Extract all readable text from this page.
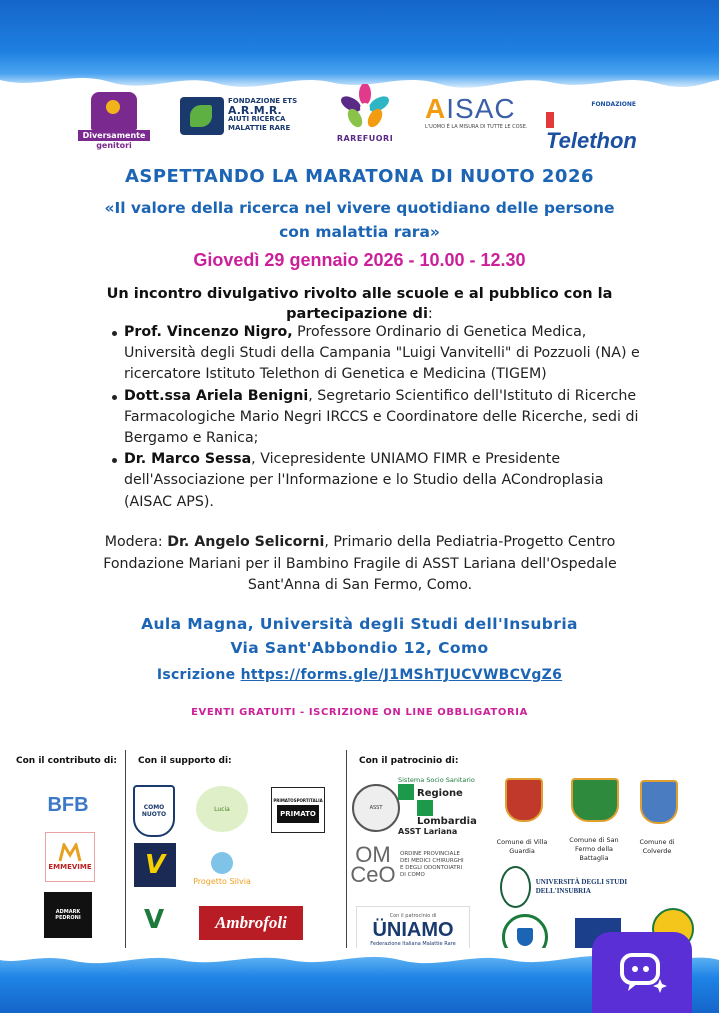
Diversamente
genitori
FONDAZIONE ETS
A.R.M.R.
AIUTI RICERCA
MALATTIE RARE
RAREFUORI
AISAC
L'UOMO È LA MISURA DI TUTTE LE COSE.
FONDAZIONE
Telethon
ASPETTANDO LA MARATONA DI NUOTO 2026
«Il valore della ricerca nel vivere quotidiano delle persone
con malattia rara»
Giovedì 29 gennaio 2026 - 10.00 - 12.30
Un incontro divulgativo rivolto alle scuole e al pubblico con la partecipazione di:
Prof. Vincenzo Nigro, Professore Ordinario di Genetica Medica, Università degli Studi della Campania "Luigi Vanvitelli" di Pozzuoli (NA) e ricercatore Istituto Telethon di Genetica e Medicina (TIGEM)
Dott.ssa Ariela Benigni, Segretario Scientifico dell'Istituto di Ricerche Farmacologiche Mario Negri IRCCS e Coordinatore delle Ricerche, sedi di Bergamo e Ranica;
Dr. Marco Sessa, Vicepresidente UNIAMO FIMR e Presidente dell'Associazione per l'Informazione e lo Studio della ACondroplasia (AISAC APS).
Modera: Dr. Angelo Selicorni, Primario della Pediatria-Progetto Centro Fondazione Mariani per il Bambino Fragile di ASST Lariana dell'Ospedale Sant'Anna di San Fermo, Como.
Aula Magna, Università degli Studi dell'Insubria
Via Sant'Abbondio 12, Como
Iscrizione https://forms.gle/J1MShTJUCVWBCVgZ6
EVENTI GRATUITI - ISCRIZIONE ON LINE OBBLIGATORIA
Con il contributo di: Con il supporto di:	Con il patrocinio di:
BFB
EMMEVIME
ADMARK PEDRONI
COMO NUOTO
V
V
Lucia
Progetto Silvia
PRIMATOSPORTITALIA
PRIMATO
Ambrofoli
ASST
Sistema Socio Sanitario
Regione
Lombardia
ASST Lariana
OM
CeO
ORDINE PROVINCIALE
DEI MEDICI CHIRURGHI
E DEGLI ODONTOIATRI
DI COMO
Con il patrocinio di
ÜNIAMO
Federazione Italiana Malattie Rare
Comune di Villa Guardia
Comune di San Fermo della Battaglia
Comune di Colverde
UNIVERSITÀ DEGLI STUDI DELL'INSUBRIA
